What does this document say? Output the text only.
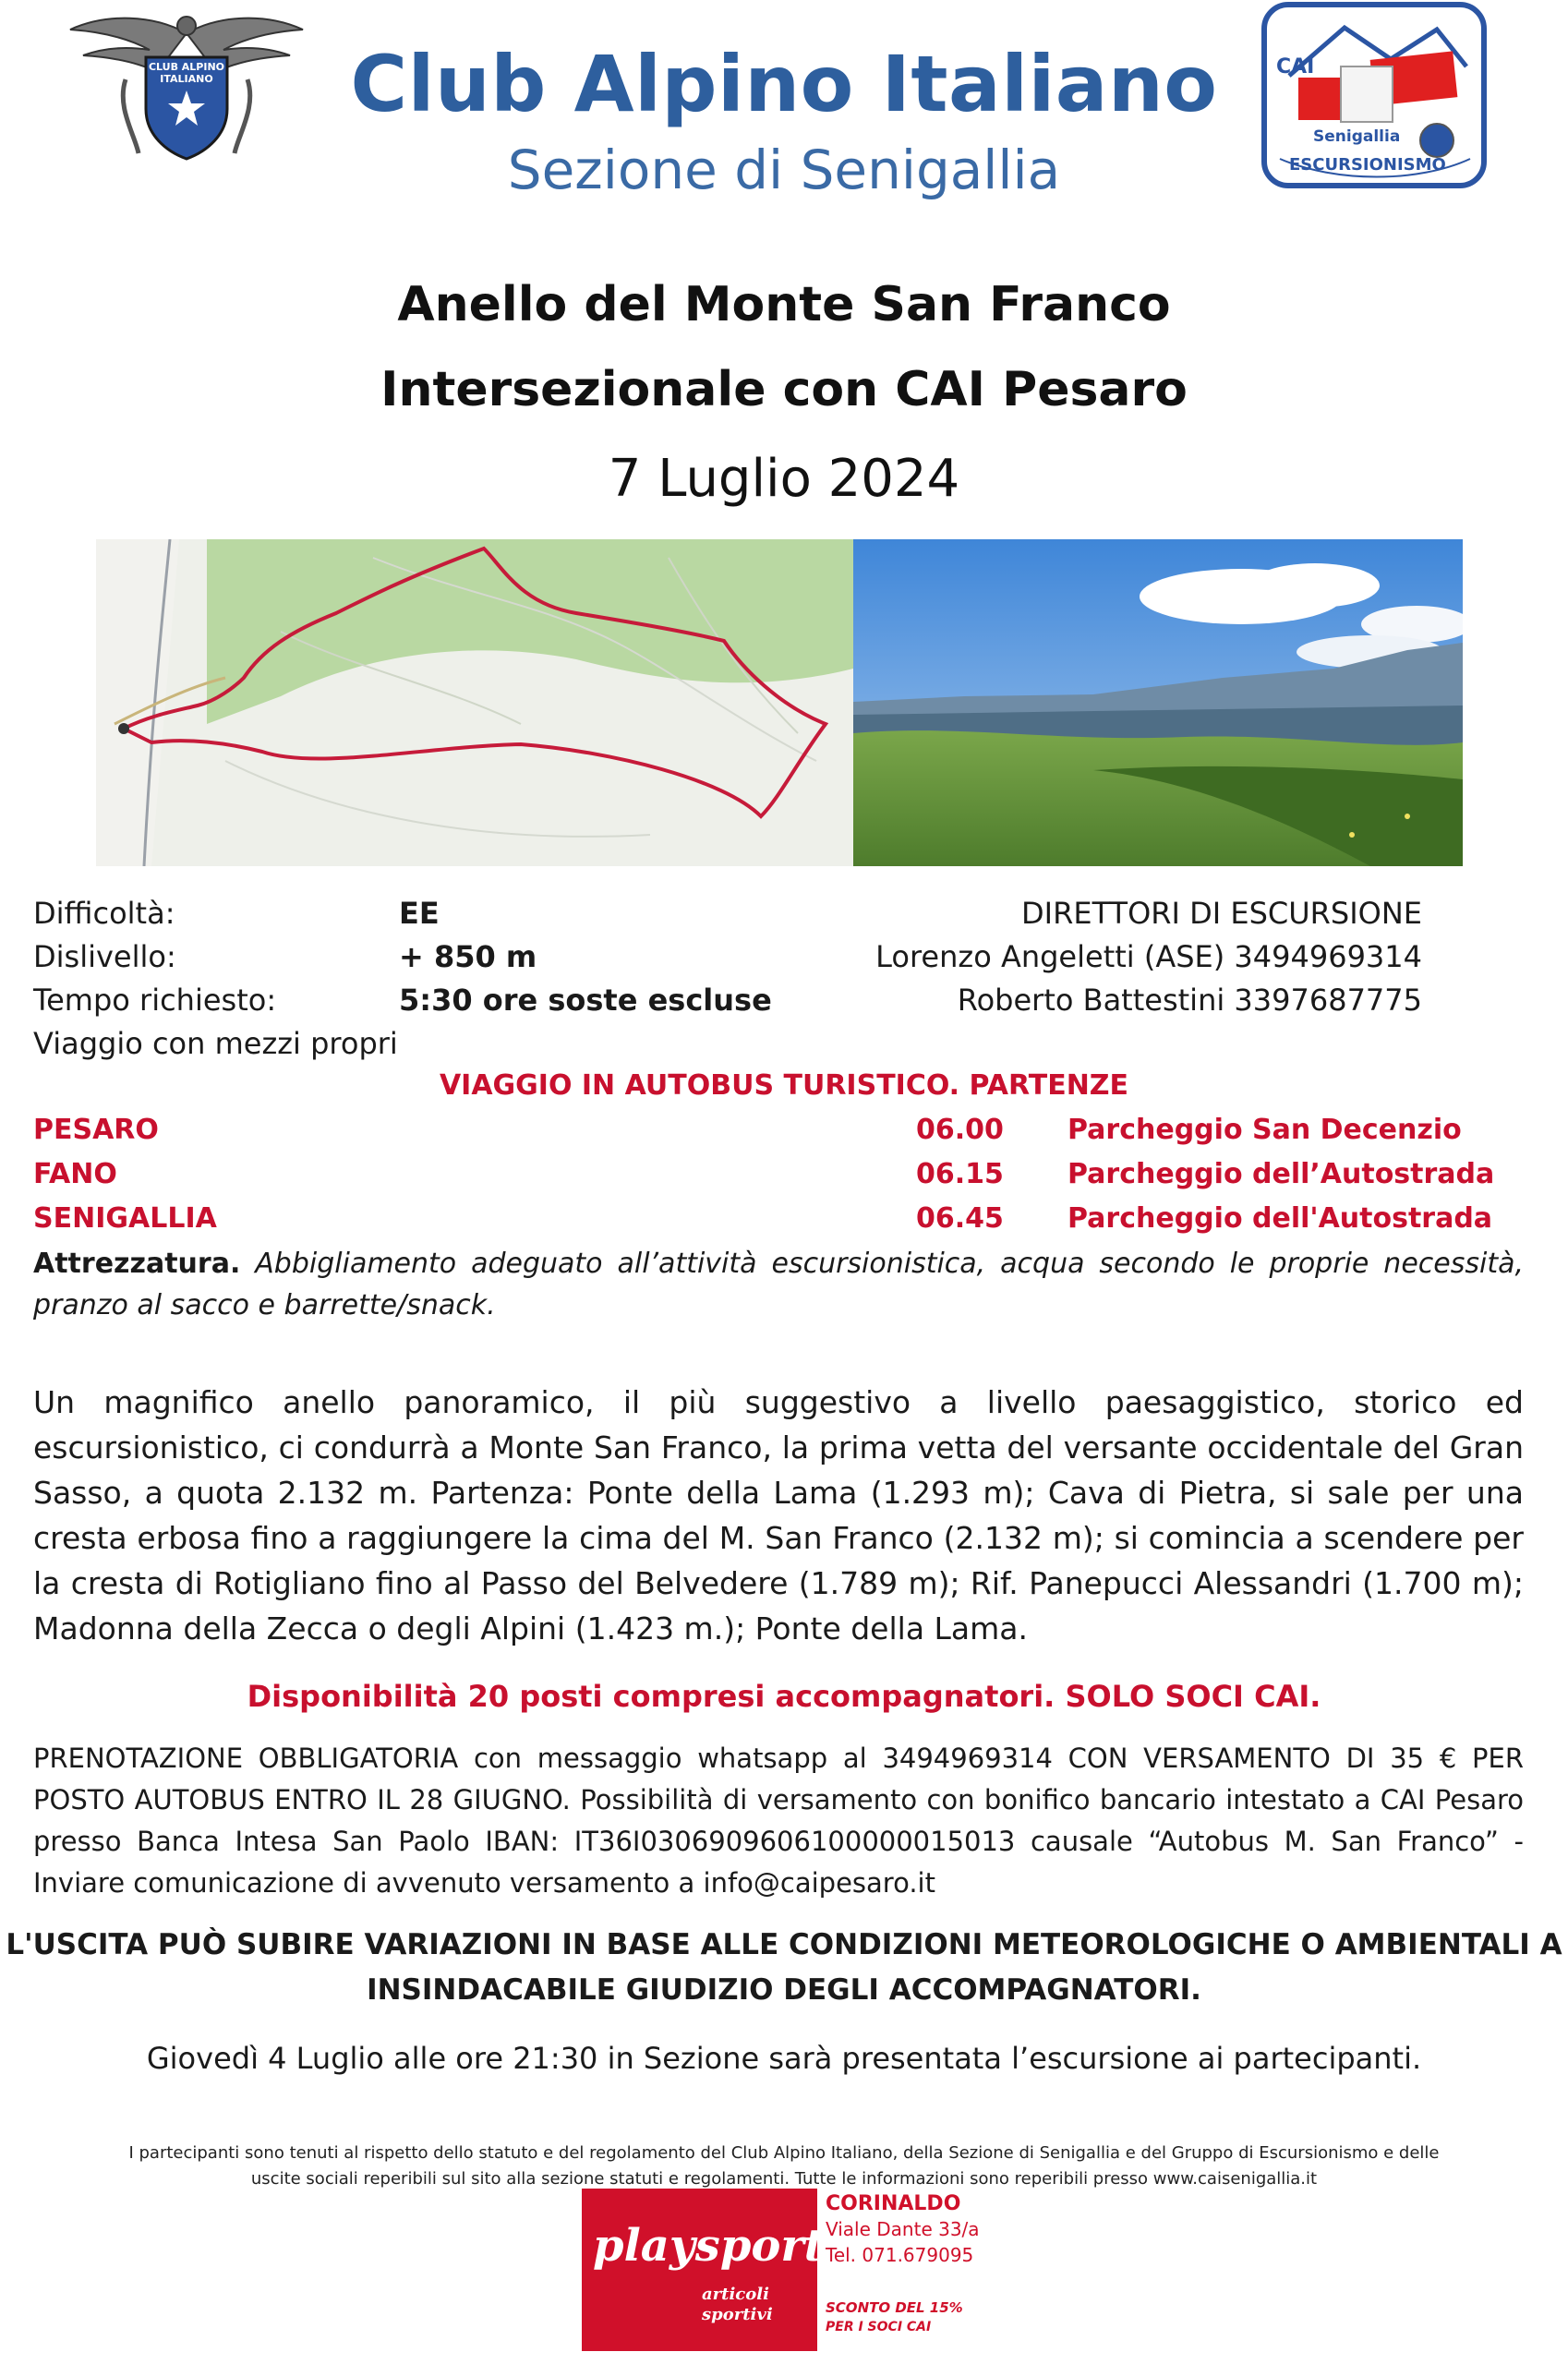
CLUB ALPINO ITALIANO	Club Alpino Italiano
Sezione di Senigallia
CAI
Senigallia
ESCURSIONISMO
Anello del Monte San Franco
Intersezionale con CAI Pesaro
7 Luglio 2024
Difficoltà:	EE	DIRETTORI DI ESCURSIONE
Dislivello:	+ 850 m	Lorenzo Angeletti (ASE) 3494969314
Tempo richiesto:	5:30 ore soste escluse	Roberto Battestini 3397687775
Viaggio con mezzi propri
VIAGGIO IN AUTOBUS TURISTICO. PARTENZE
PESARO	06.00 Parcheggio San Decenzio
FANO	06.15 Parcheggio dell’Autostrada
SENIGALLIA	06.45 Parcheggio dell'Autostrada
Attrezzatura. Abbigliamento adeguato all’attività escursionistica, acqua secondo le proprie necessità, pranzo al sacco e barrette/snack.
Un magnifico anello panoramico, il più suggestivo a livello paesaggistico, storico ed escursionistico, ci condurrà a Monte San Franco, la prima vetta del versante occidentale del Gran Sasso, a quota 2.132 m. Partenza: Ponte della Lama (1.293 m); Cava di Pietra, si sale per una cresta erbosa fino a raggiungere la cima del M. San Franco (2.132 m); si comincia a scendere per la cresta di Rotigliano fino al Passo del Belvedere (1.789 m); Rif. Panepucci Alessandri (1.700 m); Madonna della Zecca o degli Alpini (1.423 m.); Ponte della Lama.
Disponibilità 20 posti compresi accompagnatori. SOLO SOCI CAI.
PRENOTAZIONE OBBLIGATORIA con messaggio whatsapp al 3494969314 CON VERSAMENTO DI 35 € PER POSTO AUTOBUS ENTRO IL 28 GIUGNO. Possibilità di versamento con bonifico bancario intestato a CAI Pesaro presso Banca Intesa San Paolo IBAN: IT36I0306909606100000015013 causale “Autobus M. San Franco” - Inviare comunicazione di avvenuto versamento a info@caipesaro.it
L'USCITA PUÒ SUBIRE VARIAZIONI IN BASE ALLE CONDIZIONI METEOROLOGICHE O AMBIENTALI A
INSINDACABILE GIUDIZIO DEGLI ACCOMPAGNATORI.
Giovedì 4 Luglio alle ore 21:30 in Sezione sarà presentata l’escursione ai partecipanti.
I partecipanti sono tenuti al rispetto dello statuto e del regolamento del Club Alpino Italiano, della Sezione di Senigallia e del Gruppo di Escursionismo e delle
uscite sociali reperibili sul sito alla sezione statuti e regolamenti. Tutte le informazioni sono reperibili presso www.caisenigallia.it
playsport
articoli
sportivi
CORINALDO
Viale Dante 33/a
Tel. 071.679095
SCONTO DEL 15%
PER I SOCI CAI
